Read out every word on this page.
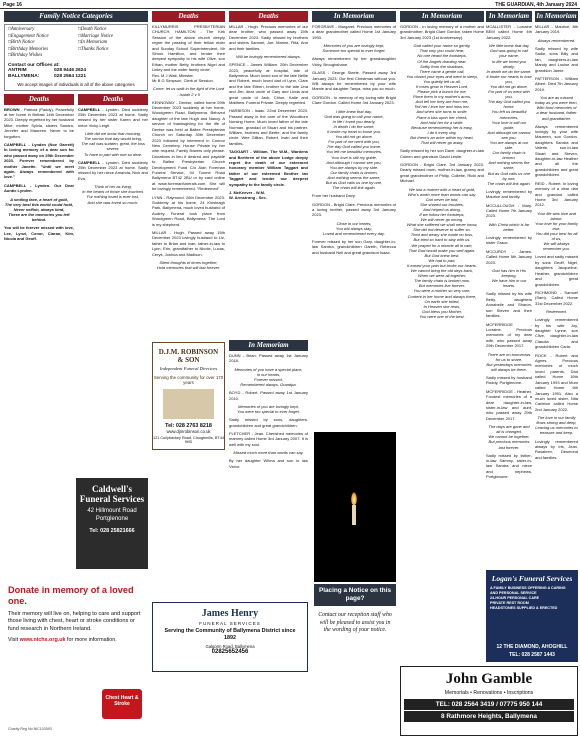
Page 16	THE GUARDIAN, 4th January 2024
Family Notice Categories
□ Anniversary
□ Engagement Notice
□ Birth Notice
□ Birthday Memories
□ Birthday Wishes
□ Death Notice
□ Marriage Notice
□ In Memoriam
□ Thanks Notice
Contact our Offices at:
ANTRIM	028 9446 2624
BALLYMENA:	028 2564 1221
We accept images of individuals in all of the above categories
Deaths

BROWN - Patricia (Paddy), Peacefully at her home in Belfast 14th December 2023. Deeply regretted by her husband Mike, mother Sylvia, sisters Sandra, Jennifer and Maureen. Never to be forgotten.

CAMPBELL - Lynden (Noe Garrett) In loving memory of a dear son for who passed away on 25th December 2023. Forever remembered by mother Janette. "Until we meet again. Always remembered with love."

CAMPBELL - Lynden. Our Dear Auntie Lynden.

A smiling face, a heart of gold,
The very best this world could hold,
Never selfish, always kind,
These are the memories you left behind.

You will be forever missed with love, Lee, Lynzi, Conor, Ciaran, Kim, Nicola and Geoff.

Deaths

CAMPBELL - Lynden. Died suddenly 25th December 2023 at home. Sadly missed by her sister Karen and her niece Vicky-Leigh.

Little did we know that morning,
The sorrow that day would bring,
The call was sudden, great, the loss severe,
To have to part with one so dear.

CAMPBELL - Lynden. Died suddenly 25th December 2023 at home. Sadly missed by her niece Amanda, Nick and Eva.

Think of her as living,
In the hearts of those she touched,
For nothing loved is ever lost,
And she was loved so much.

Caldwell's Funeral Services
42 Hillmount Road
Portglenone
Tel: 028 25821666
Donate in memory of a loved one.
Their memory will live on, helping to care and support those living with chest, heart or stroke conditions or fund research in Northern Ireland.
Visit www.nichs.org.uk for more information.
Chest Heart & Stroke
Charity Reg No NIC103593
Deaths

KILLYMURRIS PRESBYTERIAN CHURCH, HAMILTON - The Kirk Session of the above church deeply regret the passing of their fellow elder and Sunday School Superintendent, Mr Simon Hamilton, and tender their deepest sympathy to his wife Olive, son Ethan, mother Betty, brothers Nigel and Linley and the wider family circle.
Rev. M J Watt, Minister.
Mr B G Simpson, Clerk of Session.

Come, let us walk in the light of the Lord - Isaiah 2 v 5

KENNOWAY - Denise, called home 29th December 2023 suddenly at her home, Woodgreen Road, Ballymena. Beloved daughter of the late Hugh and Nancy. A service of thanksgiving for the life of Denise was held at Ballee Presbyterian Church on Saturday 30th December 2023 followed by interment in Connor New Cemetery. House Private by her own request. Family flowers only please. Donations in lieu if desired and payable to Ballee Presbyterian Church Development Fund C/o Alan Foreman Funeral Service, 94 Toome Road Ballymena BT42 2BU or by card online at www.foremanfunerals.com. She will be lovingly remembered. "Redeemed"

LYNN - Raymond. 26th December 2023. Suddenly at his home, 24 Kinsleagh Park, Ballymena, much loved husband of Audrey. Funeral took place from Woodgreen Road, Ballymena. The Lord is my shepherd.

MILLAR - Hugh. Passed away 15th December 2023 lovingly husband to Liz, father to Brian and Ivan, father-in-law to Lynn, Erin, grandfather to Nicole, Lucas, Cerys, Joshua and Madison.

Silent thoughts of times together,
Hold memories that will last forever.

Deaths

MILLAR - Hugh. Precious memories of our dear brother, who passed away 15th December 2023. Sadly missed by brothers and sisters Samuel, Joe, Marine, Rita, Ann and their families.

Will be lovingly remembered always.

SPENCE - James William. 20th December 2023, peacefully at hospital, late of Ballymena. Much loved son of the late Nellie and Robert, much loved dad of Lynn, Clare and the late Eileen, brother to the late Una and Jim, dear uncle of Gary and Linda and great uncle of Jack, Chloe, Katie and Matthew. Funeral Private. Deeply regretted.

HARBISON - Isaac. 22nd December 2023. Passed away in the care of the Woodburn Nursing Home. Much loved father of the late Norman, grandad of Stuart and his partner. William, brothers and Bertie, and the family circle. Wee Gillian, Robert, Irwin and their families.

TAGGART - William, The W.M., Wardens and Brethren of the above Lodge deeply regret the death of our esteemed honorary member William Taggart and father of our esteemed Brother Ian Taggart and tender our deepest sympathy to the family circle.

J. McKeever - W.M.
W. Armstrong - Sec.

In Memoriam

DUNN - Brian. Passed away 1st January 2018.

Memories of you have a special place,
In our hearts,
Forever missed,
Remembered always, Grandpa.

BOYD - Robert. Passed away 1st January 2010.

Memories of you are lovingly kept,
You were too special to ever forget.

Sadly missed by sons, daughters, grandchildren and great grandchildren.

FLETCHER - Jean. Cherished memories of mammy called Home 3rd January 2007. It is well with my soul.

Missed much more than words can say.

By her daughter Wilma and son in law Victor.

D.J.M. ROBINSON & SON
Independent Funeral Directors
Serving the community for over 170 years
Tel: 028 2763 8218
www.djmrobinson.co.uk
121 Cullybackey Road, Cloughmills, BT44 9HD
James Henry
FUNERAL SERVICES
Serving the Community of Ballymena District since 1892
Galgorm Road, Ballymena
02825652456
In Memoriam

FORGRAVE - Margaret. Precious memories of a dear grandmother called Home 1st January 1993.

Memories of you are lovingly kept,
Someone too special to ever forget.

Always remembered by her granddaughter Vicky, Broughshane.

GLASS - George Steele. Passed away 3rd January 2023. Our first Christmas without you. Will always be remembered by your wife Mamie and daughter Tanya, miss you so much.

GORDON - In memory of my loving wife Brigid Clare Gordon. Called Home 3rd January 2023.

I little knew that day,
God was going to call your name,
In life I loved you dearly,
In death I do the same.
It broke my heart to loose you,
You did not go alone,
For part of me went with you,
The day God called you home.
You left me beautiful memories,
Your love is still my guide,
And although I cannot see you,
You are always by my side.
Our family chain is broken,
And nothing seems the same,
But as God calls us one by one,
The chain will link again.

From her husband Davy.

GORDON - Brigid Clare. Precious memories of a loving mother, passed away 3rd January 2023.

Close in our hearts,
You will always stay,
Loved and remembered every day.

Forever missed by her son Gary, daughter-in-law Sandra, grandchildren Gareth, Rebecca and husband Neil and great grandson Isaac.

Placing a Notice on this page?
Contact our reception staff who will be pleased to assist you in the wording of your notice.
In Memoriam

GORDON - In loving memory of a mother and grandmother, Brigid Clare Gordon, taken Home 3rd January 2023 (1st Anniversary).

God called your name so gently,
That only you could hear,
No one heard the footsteps,
Of the Angels drawing near.
Softly from the shadows,
There came a gentle call,
You closed your eyes and went to sleep,
You quietly left us all,
If roses grow in Heaven Lord,
Please pick a bunch for me,
Place them in my mother's arms,
And tell her they are from me,
Tell her I love her and miss her,
And when she turns to smile,
Place a kiss upon her cheek,
And hold her for a while.
Because remembering her is easy,
I do it every day,
But there's an ache within my heart,
That will never go away.

Sadly missed by her son Dave, daughter-in-law Coleen and grandson David Leslie.

GORDON - Brigid Clare. 3rd January 2023. Dearly missed mum, mother-in-law, granny and great grandmother of Philip, Collette, Ricki and Michael.

We lost a mother with a heart of gold,
Who's worth more than words can say.
Can never be told,
She shared our troubles,
And helped us along,
If we follow her footsteps,
We will never go wrong.
What she suffered we shall never know,
She did not deserve to suffer so.
Tired and weary she made no fuss,
But tried so hard to stay with us.
We prayed for a miracle all in vain,
That God would make you well again.
But God knew best,
We had to part,
It eased your pain but broke our hearts.
We cannot bring the old days back,
When we were all together,
The family chain is broken now,
But memories live forever.
You were a mother so very rare,
Content in her home and always there,
On earth she toiled,
In Heaven she rests,
God bless you Mother,
You were one of the best.

In Memoriam

MCALLISTER - Lorraine BEM called Home 4th January 2022.

We little knew that day
God was going to call your name,
In life we loved you dearly,
In death we do the same.
It broke our hearts to lose you,
You did not go alone,
For part of us went with you,
The day God called you home.
You left us beautiful memories,
Your love is still our guide,
And although we cannot see you,
You are always at our side.
Our family chain is broken,
And nothing seems the same,
But as God calls us one by one,
The chain will link again.

Lovingly remembered by Maurice and family.

MCCULLOUGH - Mary. Called Home 7th January 2023.

With Christ which is far better.

Lovingly remembered by sister Grace.

MCCURDY - James. Called Home 5th January 2023.

God has him in His keeping,
We have him in our hearts.

Sadly missed by his wife Betty, daughters Annabelle and Sharon, son Steven and their families.

MCFERRIDGE - Lorraine. Precious memories of my dear wife, who passed away 29th December 2017.

There are no tomorrows for us to share,
But yesterdays memories will always be there.

Sadly missed by husband Roddy, Portglenone.

MCFERRIDGE - Heather. Fondest memories of a dear daughter-in-law, sister-in-law and aunt, who passed away 29th December 2017.

The days are gone and all is changed,
We cannot be together,
But precious memories last forever.

Sadly missed by father-in-law Sammy, sister-in-law Sandra and niece and nephews, Portglenone.

In Memoriam

MILLAR - Maurice, 8th January 2019.

Always remembered.

Sadly missed by wife Sadie, sons Billy and Ian, daughters-in-law Mandy and Louise and grandson Jamie.

PATTERSON - William Albert. Died 7th January 2019.

You are as missed today as you were then,
With fond memories of a dear husband, father and grandfather.

Always remembered lovingly by your wife Maureen, son Gordon, daughters Sandra and Valerie, son-in-law Stuart and Steven, daughter-in-law Heather and all the grandchildren and great grandchildren.

REID - Robert. In loving memory of a dear dad and grandad called Home 3rd January 2012.

Your life was love and labour,
Your love for your family true,
You did your best for all of us,
We will always remember you.

Loved and sadly missed by sons Geoff, Nigel, daughters Jacqueline, Heather, grandchildren and great grandchildren.

RICHMOND - Samuel (Sam). Called Home 31st December 2022.

Redeemed.

Lovingly remembered by his wife Joy, daughter Lynne, son Clive, daughter-in-law Claudia and grandchildren Carla.

ROCK - Robert and Agnes. Precious memories of much loved parents, Dad called Home 16th January 1993 and Mum called Home 6th January 1991. Also a much loved sister, Nita Carleton called Home 2nd January 2022.

The love in our family flows strong and deep,
Leaving us memories to treasure and keep.

Lovingly remembered always by Iris, Jean, Rosaleen, Desmond and families.

Logan's Funeral Services
A FAMILY BUSINESS OFFERING A CARING AND PERSONAL SERVICE
24-HOUR PERSONAL CARE
PRIVATE REST ROOM
HEADSTONES SUPPLIED & ERECTED
12 THE DIAMOND, AHOGHILL
TEL: 028 2587 1443
John Gamble
Memorials • Renovations • Inscriptions
TEL: 028 2564 3419 / 07775 950 144
8 Rathmore Heights, Ballymena
